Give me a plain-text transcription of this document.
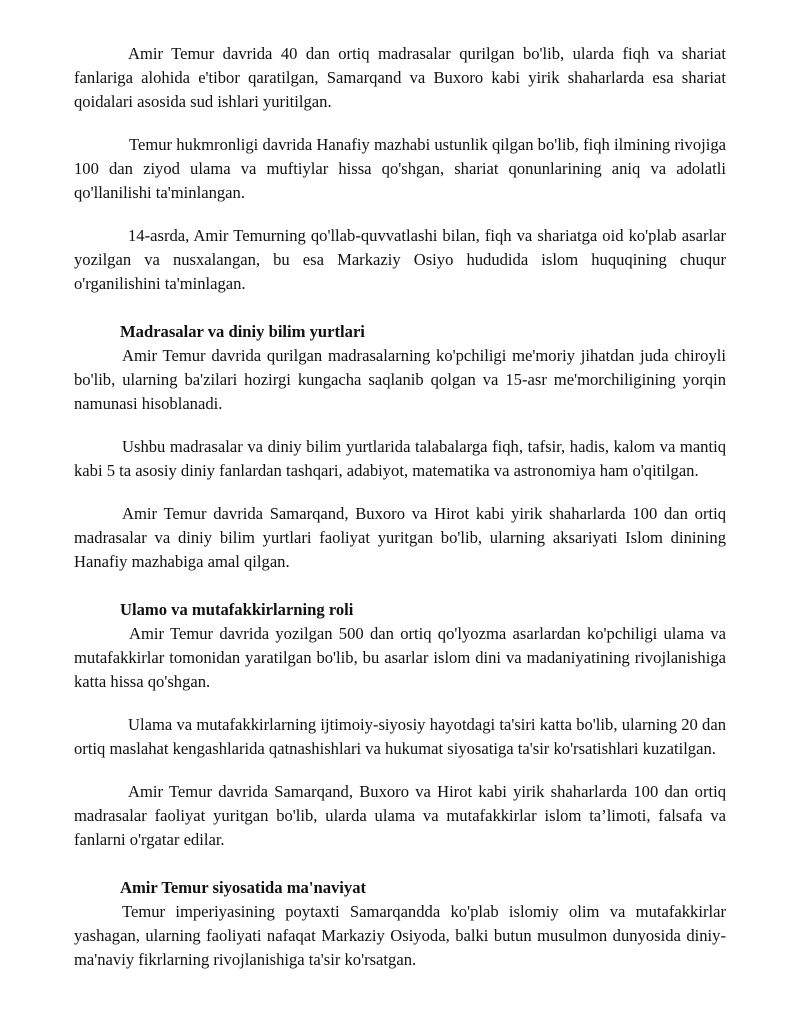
Amir Temur davrida 40 dan ortiq madrasalar qurilgan bo'lib, ularda fiqh va shariat fanlariga alohida e'tibor qaratilgan, Samarqand va Buxoro kabi yirik shaharlarda esa shariat qoidalari asosida sud ishlari yuritilgan.

Temur hukmronligi davrida Hanafiy mazhabi ustunlik qilgan bo'lib, fiqh ilmining rivojiga 100 dan ziyod ulama va muftiylar hissa qo'shgan, shariat qonunlarining aniq va adolatli qo'llanilishi ta'minlangan.

14-asrda, Amir Temurning qo'llab-quvvatlashi bilan, fiqh va shariatga oid ko'plab asarlar yozilgan va nusxalangan, bu esa Markaziy Osiyo hududida islom huquqining chuqur o'rganilishini ta'minlagan.

Madrasalar va diniy bilim yurtlari

Amir Temur davrida qurilgan madrasalarning ko'pchiligi me'moriy jihatdan juda chiroyli bo'lib, ularning ba'zilari hozirgi kungacha saqlanib qolgan va 15-asr me'morchiligining yorqin namunasi hisoblanadi.

Ushbu madrasalar va diniy bilim yurtlarida talabalarga fiqh, tafsir, hadis, kalom va mantiq kabi 5 ta asosiy diniy fanlardan tashqari, adabiyot, matematika va astronomiya ham o'qitilgan.

Amir Temur davrida Samarqand, Buxoro va Hirot kabi yirik shaharlarda 100 dan ortiq madrasalar va diniy bilim yurtlari faoliyat yuritgan bo'lib, ularning aksariyati Islom dinining Hanafiy mazhabiga amal qilgan.

Ulamo va mutafakkirlarning roli

Amir Temur davrida yozilgan 500 dan ortiq qo'lyozma asarlardan ko'pchiligi ulama va mutafakkirlar tomonidan yaratilgan bo'lib, bu asarlar islom dini va madaniyatining rivojlanishiga katta hissa qo'shgan.

Ulama va mutafakkirlarning ijtimoiy-siyosiy hayotdagi ta'siri katta bo'lib, ularning 20 dan ortiq maslahat kengashlarida qatnashishlari va hukumat siyosatiga ta'sir ko'rsatishlari kuzatilgan.

Amir Temur davrida Samarqand, Buxoro va Hirot kabi yirik shaharlarda 100 dan ortiq madrasalar faoliyat yuritgan bo'lib, ularda ulama va mutafakkirlar islom ta’limoti, falsafa va fanlarni o'rgatar edilar.

Amir Temur siyosatida ma'naviyat

Temur imperiyasining poytaxti Samarqandda ko'plab islomiy olim va mutafakkirlar yashagan, ularning faoliyati nafaqat Markaziy Osiyoda, balki butun musulmon dunyosida diniy-ma'naviy fikrlarning rivojlanishiga ta'sir ko'rsatgan.
